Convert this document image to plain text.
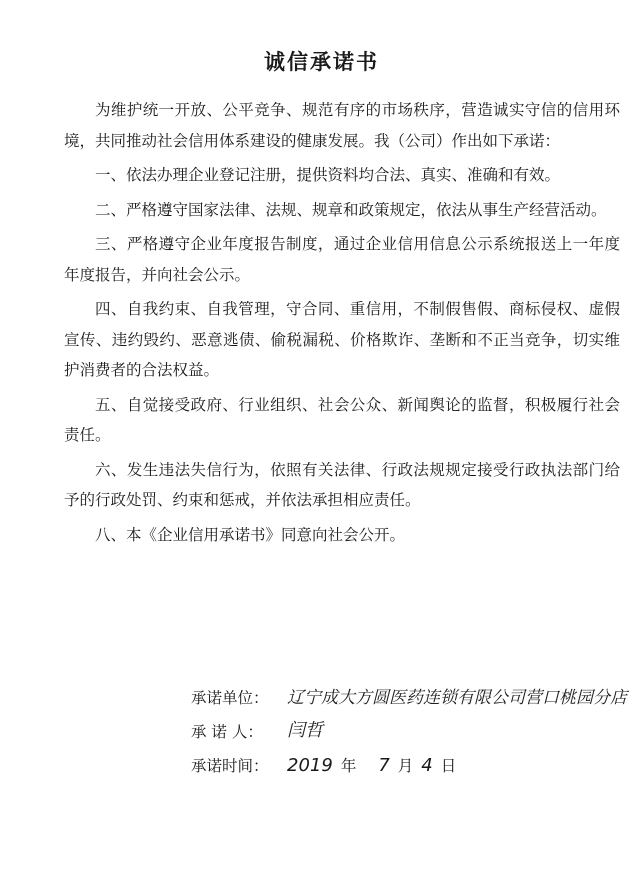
诚信承诺书

为维护统一开放、公平竞争、规范有序的市场秩序，营造诚实守信的信用环境，共同推动社会信用体系建设的健康发展。我（公司）作出如下承诺：

一、依法办理企业登记注册，提供资料均合法、真实、准确和有效。

二、严格遵守国家法律、法规、规章和政策规定，依法从事生产经营活动。

三、严格遵守企业年度报告制度，通过企业信用信息公示系统报送上一年度年度报告，并向社会公示。

四、自我约束、自我管理，守合同、重信用，不制假售假、商标侵权、虚假宣传、违约毁约、恶意逃债、偷税漏税、价格欺诈、垄断和不正当竞争，切实维护消费者的合法权益。

五、自觉接受政府、行业组织、社会公众、新闻舆论的监督，积极履行社会责任。

六、发生违法失信行为，依照有关法律、行政法规规定接受行政执法部门给予的行政处罚、约束和惩戒，并依法承担相应责任。

八、本《企业信用承诺书》同意向社会公开。

承诺单位：	辽宁成大方圆医药连锁有限公司营口桃园分店
承 诺 人：	闫哲
承诺时间：	2019 年 7 月 4 日
